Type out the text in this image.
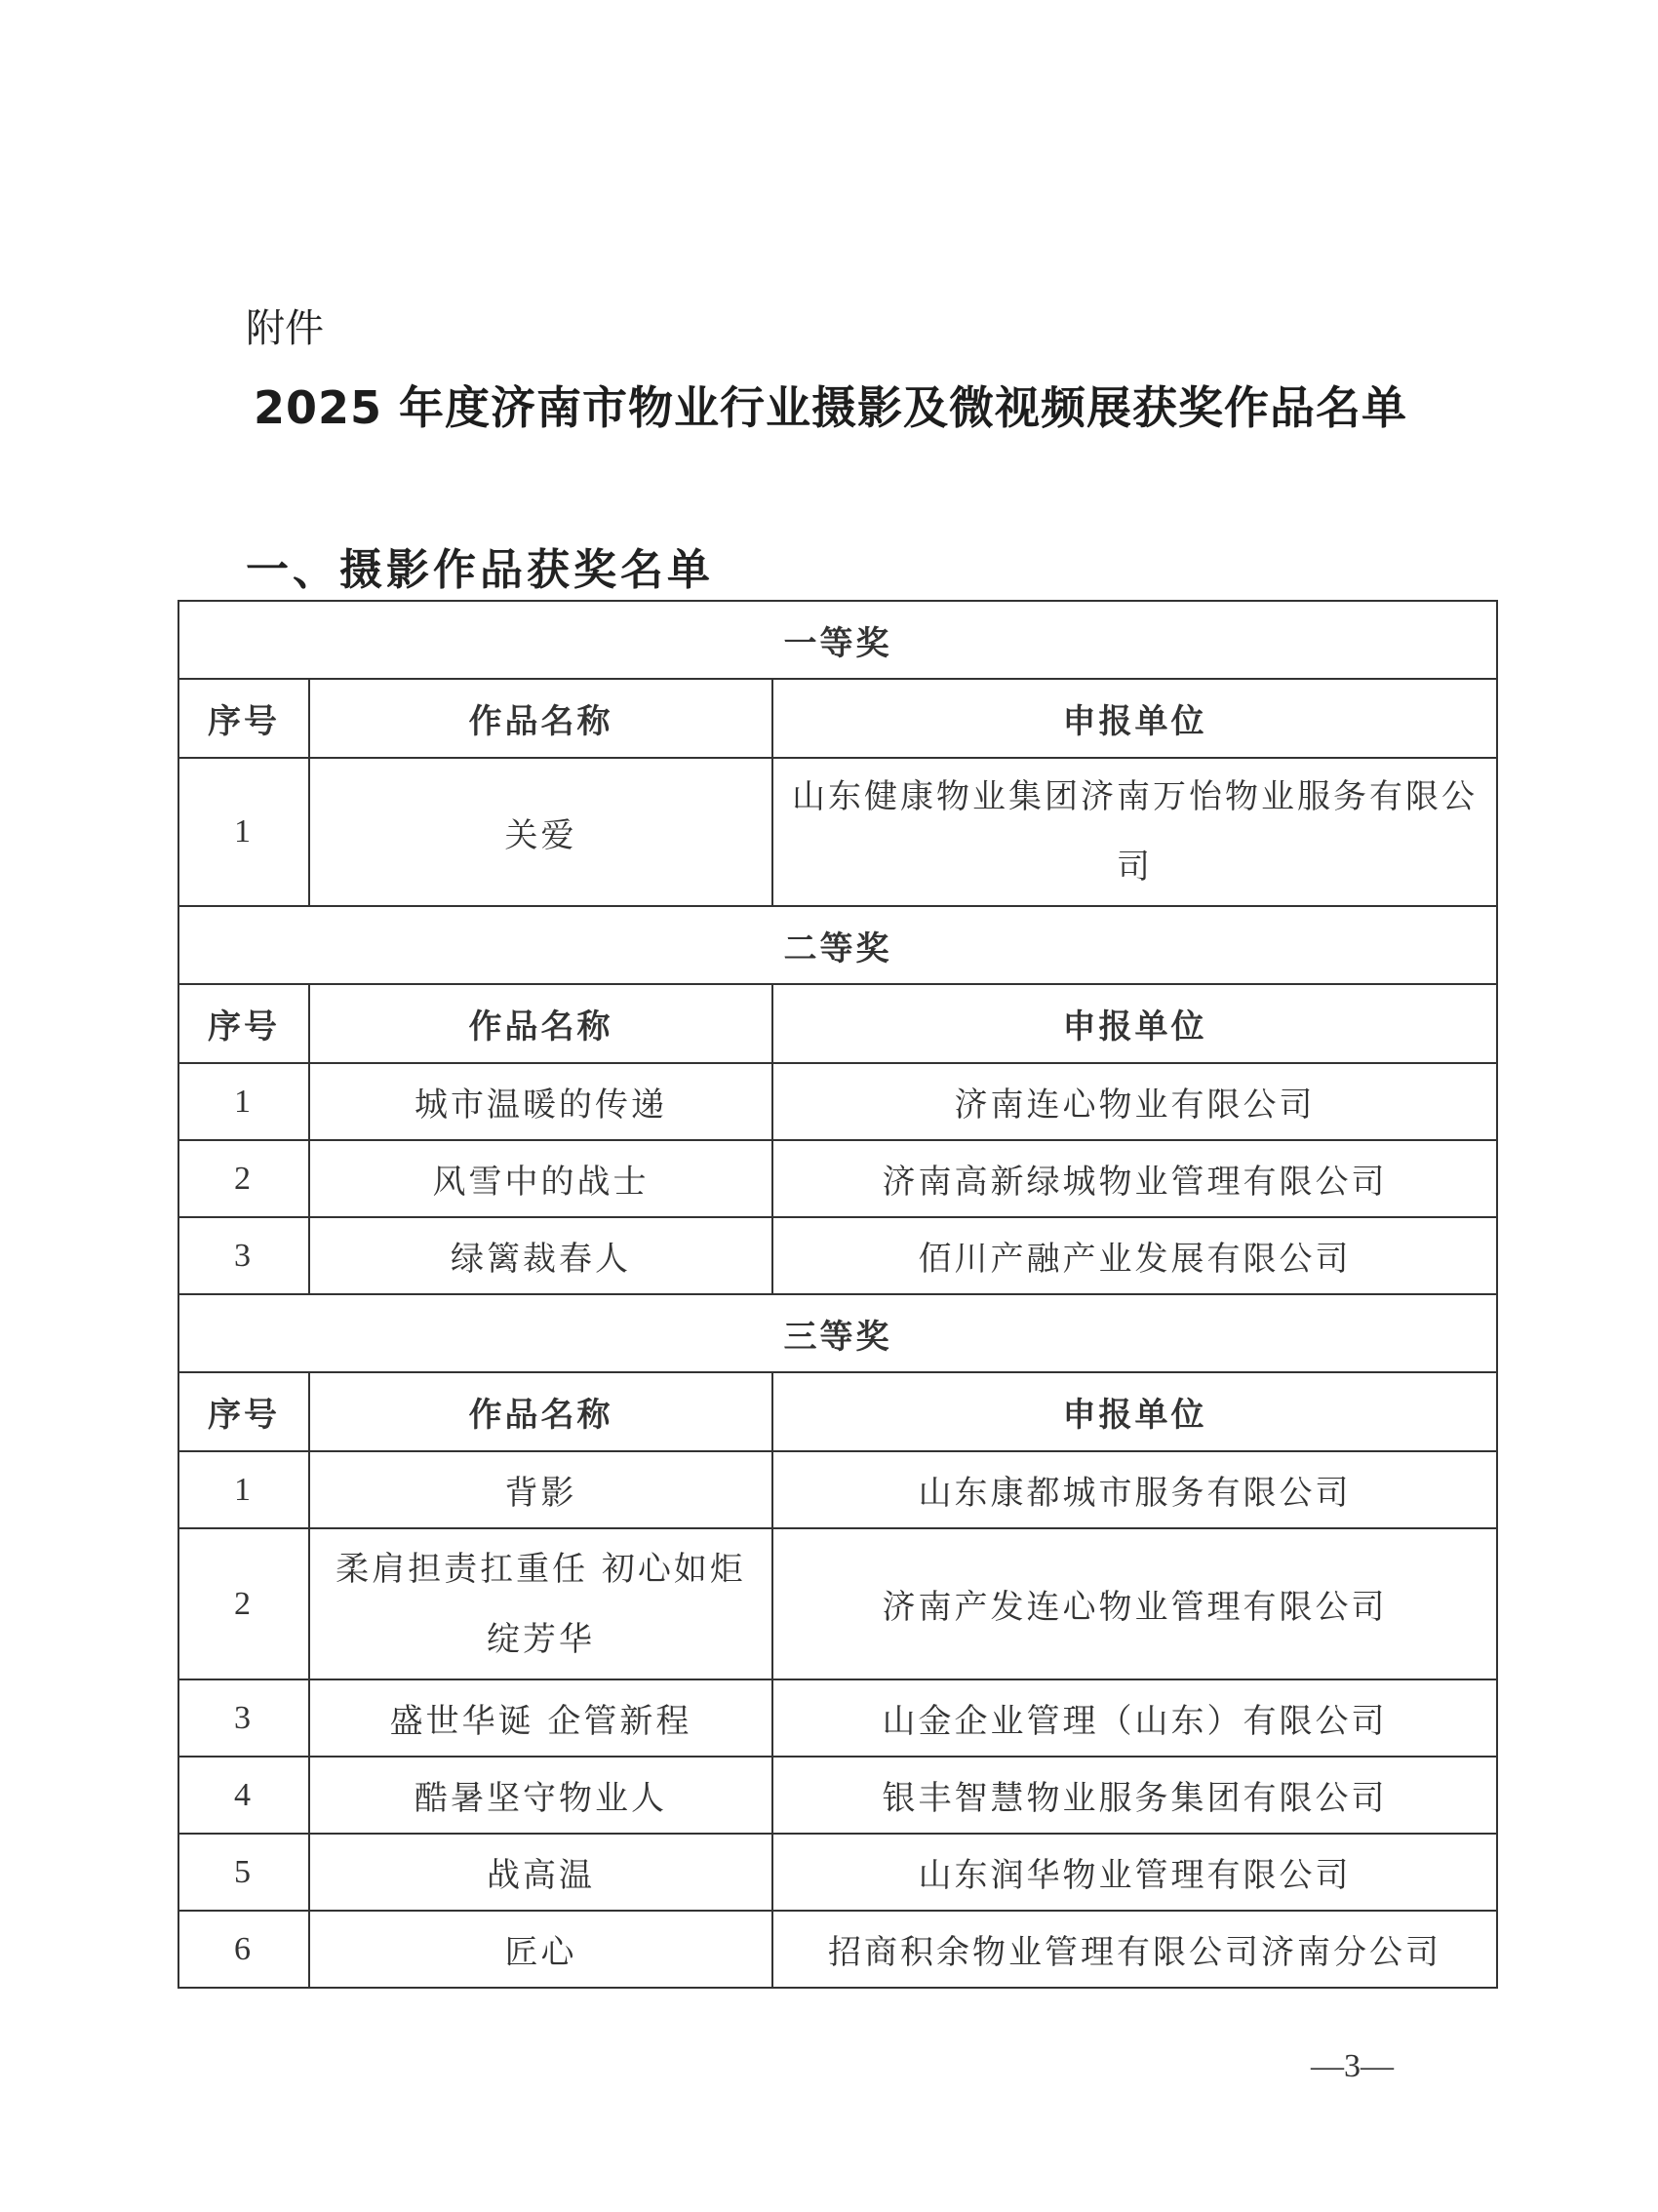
附件
2025 年度济南市物业行业摄影及微视频展获奖作品名单
一、摄影作品获奖名单
一等奖		
序号	作品名称	申报单位
1	关爱	山东健康物业集团济南万怡物业服务有限公司
二等奖		
序号	作品名称	申报单位
1	城市温暖的传递	济南连心物业有限公司
2	风雪中的战士	济南高新绿城物业管理有限公司
3	绿篱裁春人	佰川产融产业发展有限公司
三等奖		
序号	作品名称	申报单位
1	背影	山东康都城市服务有限公司
2	柔肩担责扛重任 初心如炬绽芳华	济南产发连心物业管理有限公司
3	盛世华诞 企管新程	山金企业管理（山东）有限公司
4	酷暑坚守物业人	银丰智慧物业服务集团有限公司
5	战高温	山东润华物业管理有限公司
6	匠心	招商积余物业管理有限公司济南分公司
—3—
